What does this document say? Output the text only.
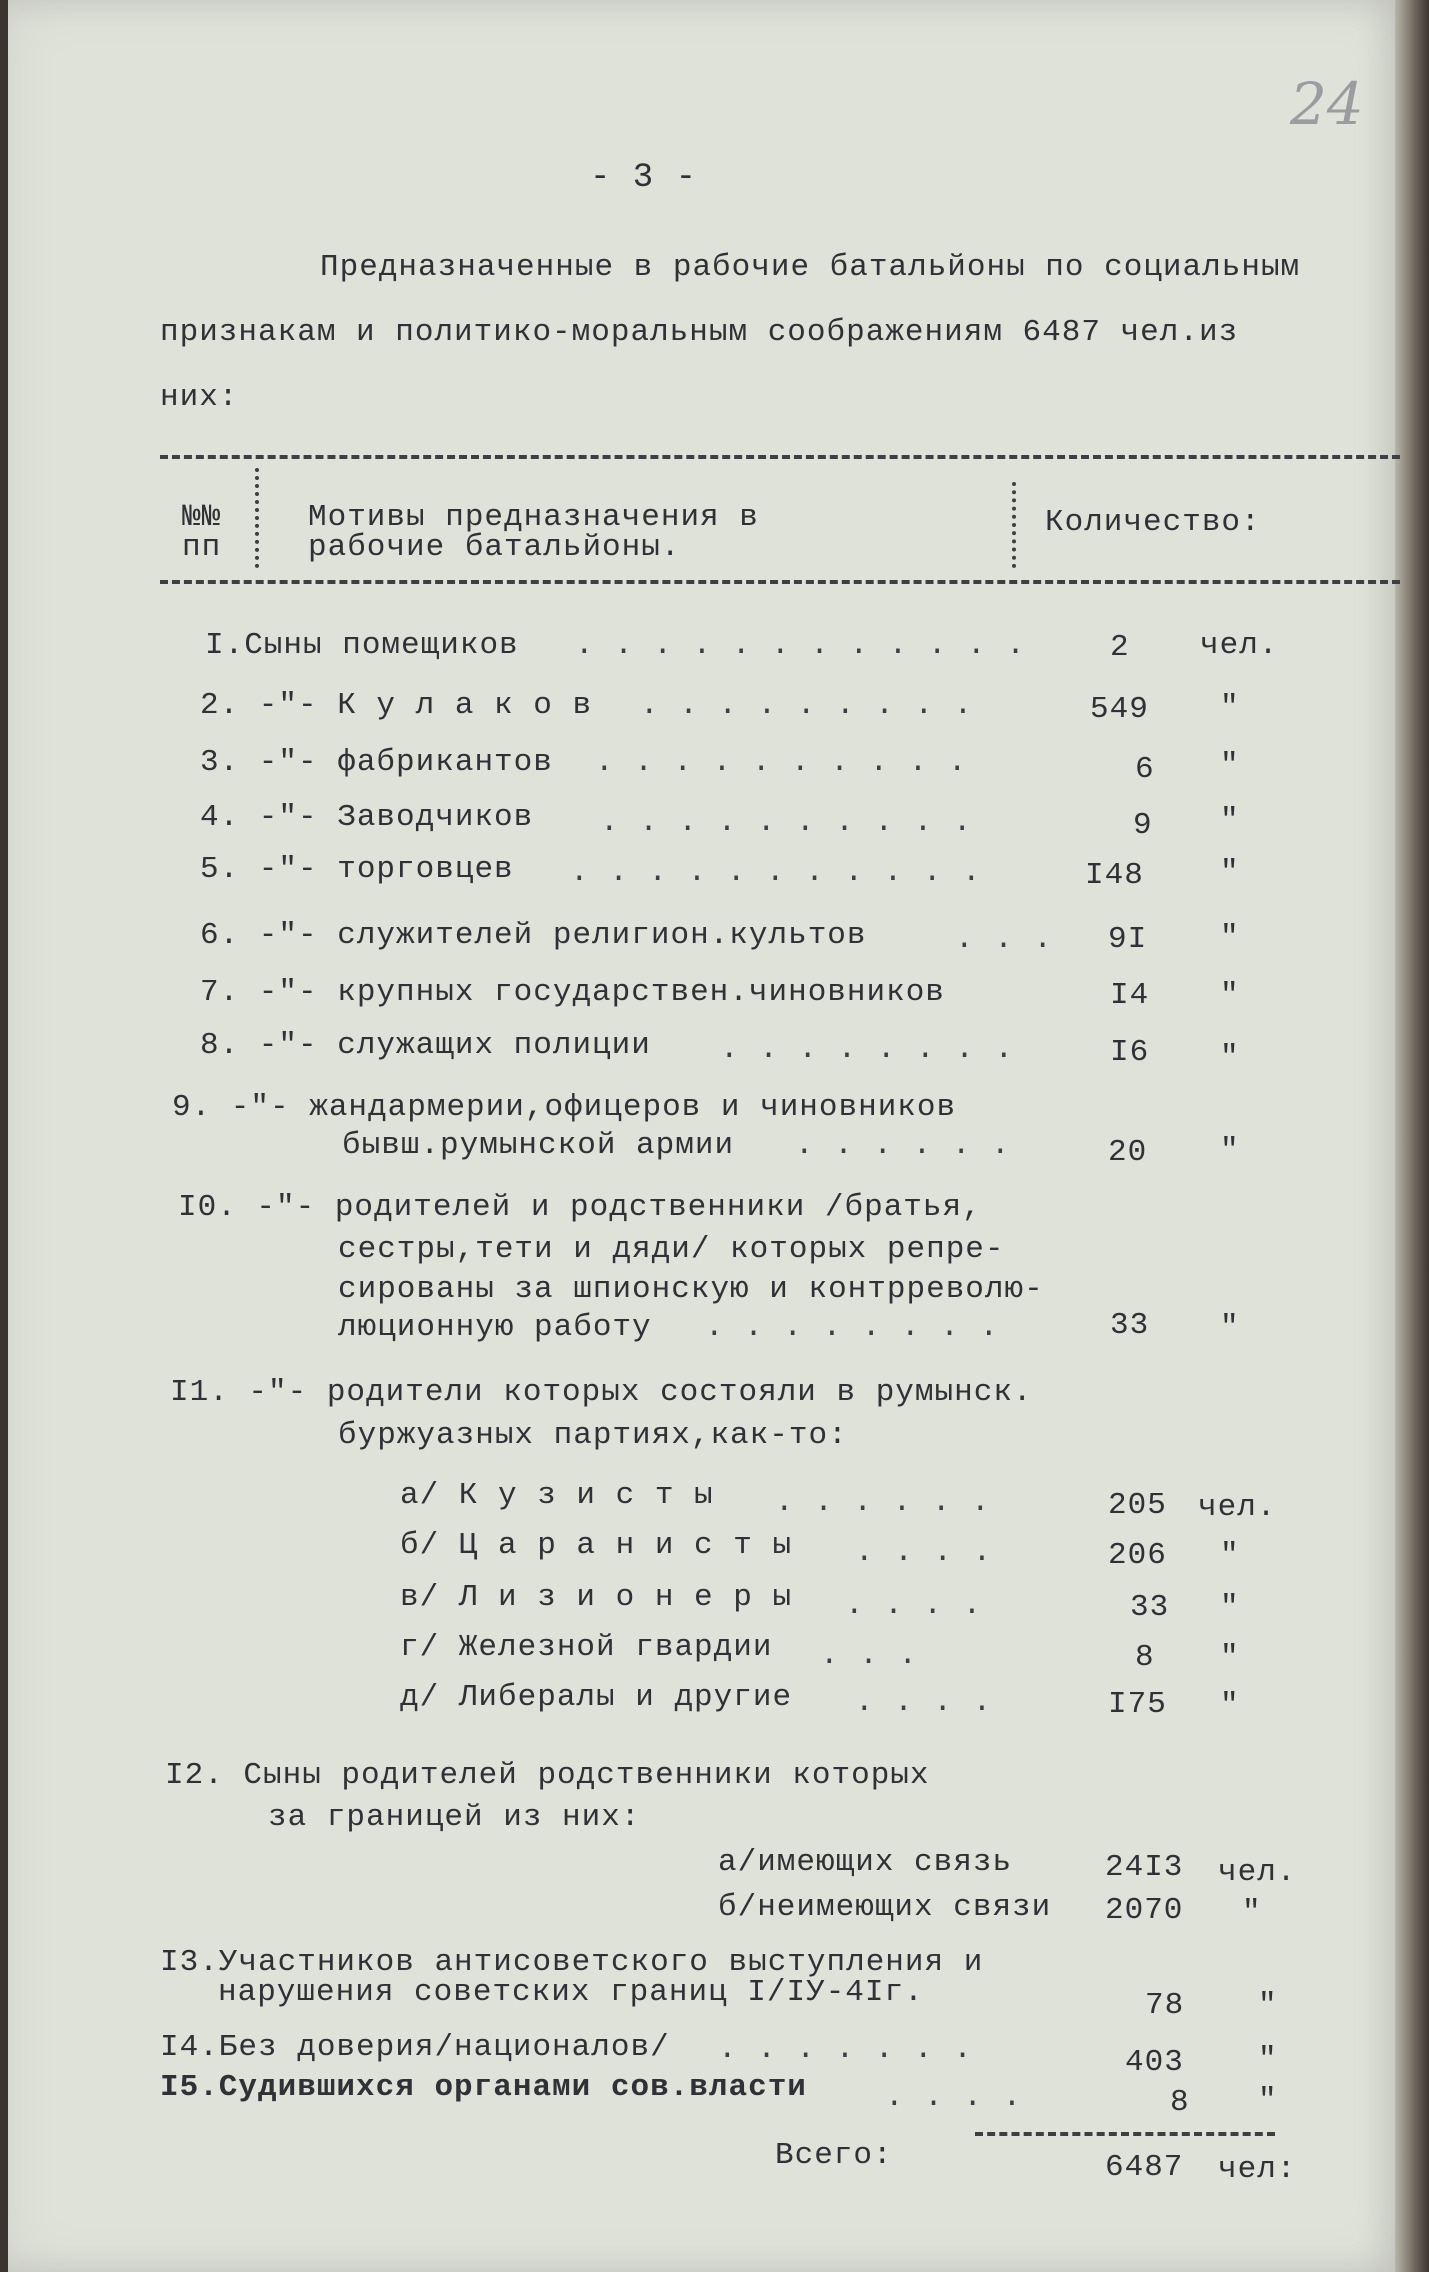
24
- 3 -
Предназначенные в рабочие батальйоны по социальным
признакам и политико-моральным соображениям 6487 чел.из
них:
№№
пп
Мотивы предназначения в
рабочие батальйоны.
Количество:
I.Сыны помещиков . . . . . . . . . . . .	2 чел.
2. -"- К у л а к о в . . . . . . . . .	549 "
3. -"- фабрикантов . . . . . . . . . .	6 "
4. -"- Заводчиков . . . . . . . . . .	9 "
5. -"- торговцев . . . . . . . . . . .	I48 "
6. -"- служителей религион.культов	. . . 9I "
7. -"- крупных государствен.чиновников	I4 "
8. -"- служащих полиции . . . . . . . .	I6 "
9. -"- жандармерии,офицеров и чиновников
бывш.румынской армии . . . . . .	20 "
I0. -"- родителей и родственники /братья,
сестры,тети и дяди/ которых репре-
сированы за шпионскую и контрреволю-
люционную работу . . . . . . . .	33 "
I1. -"- родители которых состояли в румынск.
буржуазных партиях,как-то:
а/ К у з и с т ы . . . . . .	205 чел.
б/ Ц а р а н и с т ы . . . .	206 "
в/ Л и з и о н е р ы . . . .	33 "
г/ Железной гвардии . . .	8 "
д/ Либералы и другие . . . .	I75 "
I2. Сыны родителей родственники которых
за границей из них:
а/имеющих связь	24I3 чел.
б/неимеющих связи 2070 "
I3.Участников антисоветского выступления и
нарушения советских границ I/IУ-4Iг.	78 "
I4.Без доверия/националов/ . . . . . . .	403 "
I5.Судившихся органами сов.власти	. . . .	8 "
Всего:	6487 чел:
